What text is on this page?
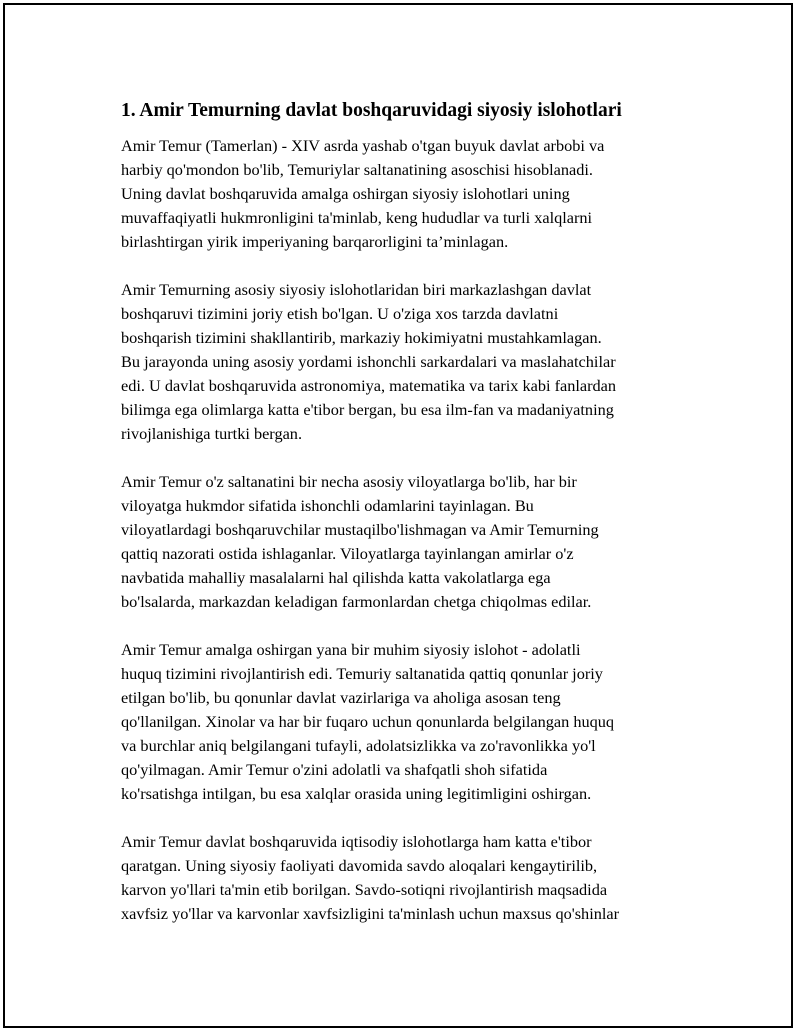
1. Amir Temurning davlat boshqaruvidagi siyosiy islohotlari
Amir Temur (Tamerlan) - XIV asrda yashab o'tgan buyuk davlat arbobi va
harbiy qo'mondon bo'lib, Temuriylar saltanatining asoschisi hisoblanadi.
Uning davlat boshqaruvida amalga oshirgan siyosiy islohotlari uning
muvaffaqiyatli hukmronligini ta'minlab, keng hududlar va turli xalqlarni
birlashtirgan yirik imperiyaning barqarorligini ta’minlagan.
Amir Temurning asosiy siyosiy islohotlaridan biri markazlashgan davlat
boshqaruvi tizimini joriy etish bo'lgan. U o'ziga xos tarzda davlatni
boshqarish tizimini shakllantirib, markaziy hokimiyatni mustahkamlagan.
Bu jarayonda uning asosiy yordami ishonchli sarkardalari va maslahatchilar
edi. U davlat boshqaruvida astronomiya, matematika va tarix kabi fanlardan
bilimga ega olimlarga katta e'tibor bergan, bu esa ilm-fan va madaniyatning
rivojlanishiga turtki bergan.
Amir Temur o'z saltanatini bir necha asosiy viloyatlarga bo'lib, har bir
viloyatga hukmdor sifatida ishonchli odamlarini tayinlagan. Bu
viloyatlardagi boshqaruvchilar mustaqilbo'lishmagan va Amir Temurning
qattiq nazorati ostida ishlaganlar. Viloyatlarga tayinlangan amirlar o'z
navbatida mahalliy masalalarni hal qilishda katta vakolatlarga ega
bo'lsalarda, markazdan keladigan farmonlardan chetga chiqolmas edilar.
Amir Temur amalga oshirgan yana bir muhim siyosiy islohot - adolatli
huquq tizimini rivojlantirish edi. Temuriy saltanatida qattiq qonunlar joriy
etilgan bo'lib, bu qonunlar davlat vazirlariga va aholiga asosan teng
qo'llanilgan. Xinolar va har bir fuqaro uchun qonunlarda belgilangan huquq
va burchlar aniq belgilangani tufayli, adolatsizlikka va zo'ravonlikka yo'l
qo'yilmagan. Amir Temur o'zini adolatli va shafqatli shoh sifatida
ko'rsatishga intilgan, bu esa xalqlar orasida uning legitimligini oshirgan.
Amir Temur davlat boshqaruvida iqtisodiy islohotlarga ham katta e'tibor
qaratgan. Uning siyosiy faoliyati davomida savdo aloqalari kengaytirilib,
karvon yo'llari ta'min etib borilgan. Savdo-sotiqni rivojlantirish maqsadida
xavfsiz yo'llar va karvonlar xavfsizligini ta'minlash uchun maxsus qo'shinlar
